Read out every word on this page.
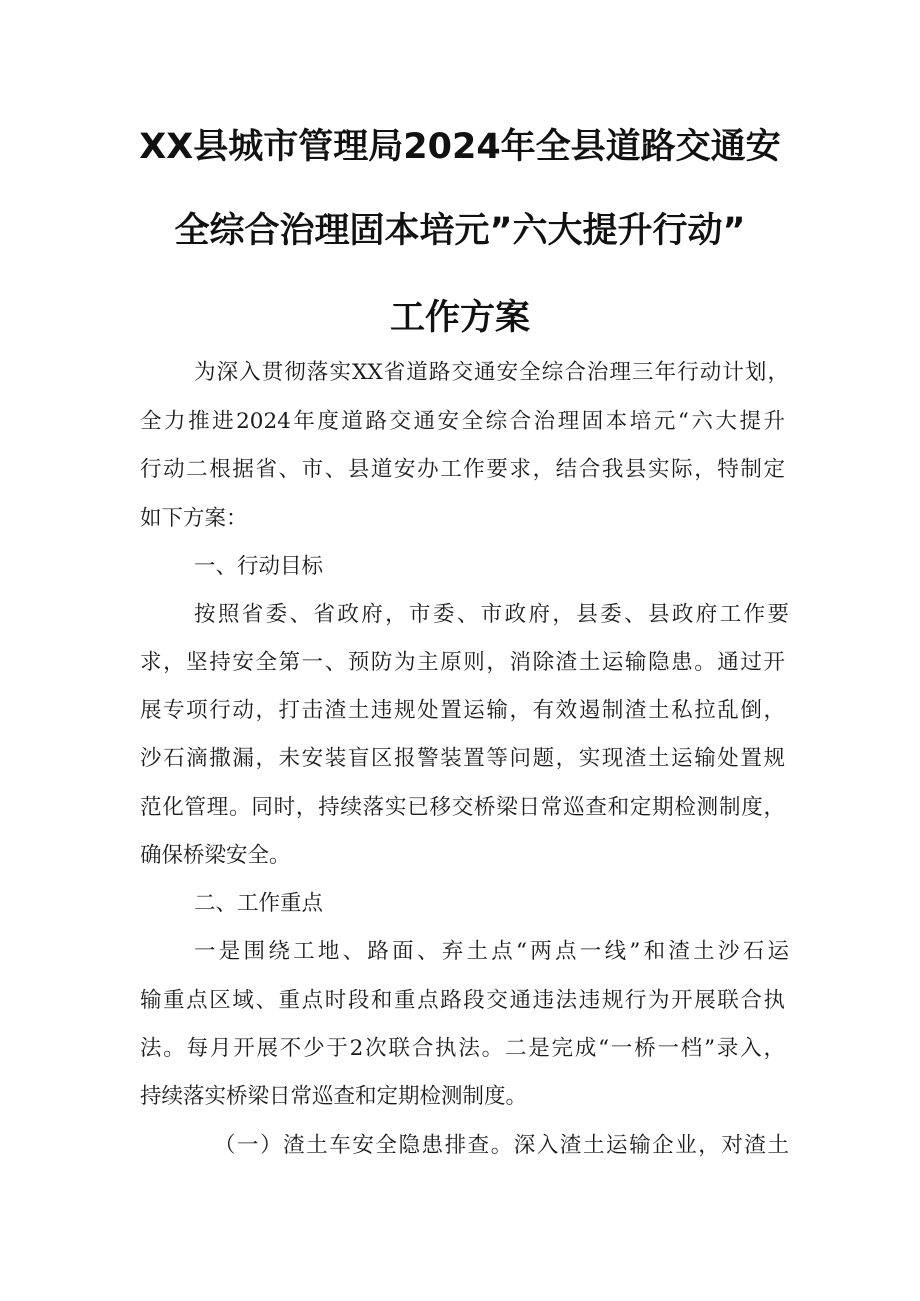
XX县城市管理局2024年全县道路交通安
全综合治理固本培元”六大提升行动”
工作方案
为深入贯彻落实XX省道路交通安全综合治理三年行动计划，
全力推进2024年度道路交通安全综合治理固本培元“六大提升
行动二根据省、市、县道安办工作要求，结合我县实际，特制定
如下方案：
一、行动目标
按照省委、省政府，市委、市政府，县委、县政府工作要
求，坚持安全第一、预防为主原则，消除渣土运输隐患。通过开
展专项行动，打击渣土违规处置运输，有效遏制渣土私拉乱倒，
沙石滴撒漏，未安装盲区报警装置等问题，实现渣土运输处置规
范化管理。同时，持续落实已移交桥梁日常巡查和定期检测制度，
确保桥梁安全。
二、工作重点
一是围绕工地、路面、弃土点“两点一线”和渣土沙石运
输重点区域、重点时段和重点路段交通违法违规行为开展联合执
法。每月开展不少于2次联合执法。二是完成“一桥一档”录入，
持续落实桥梁日常巡查和定期检测制度。
（一）渣土车安全隐患排查。深入渣土运输企业，对渣土
